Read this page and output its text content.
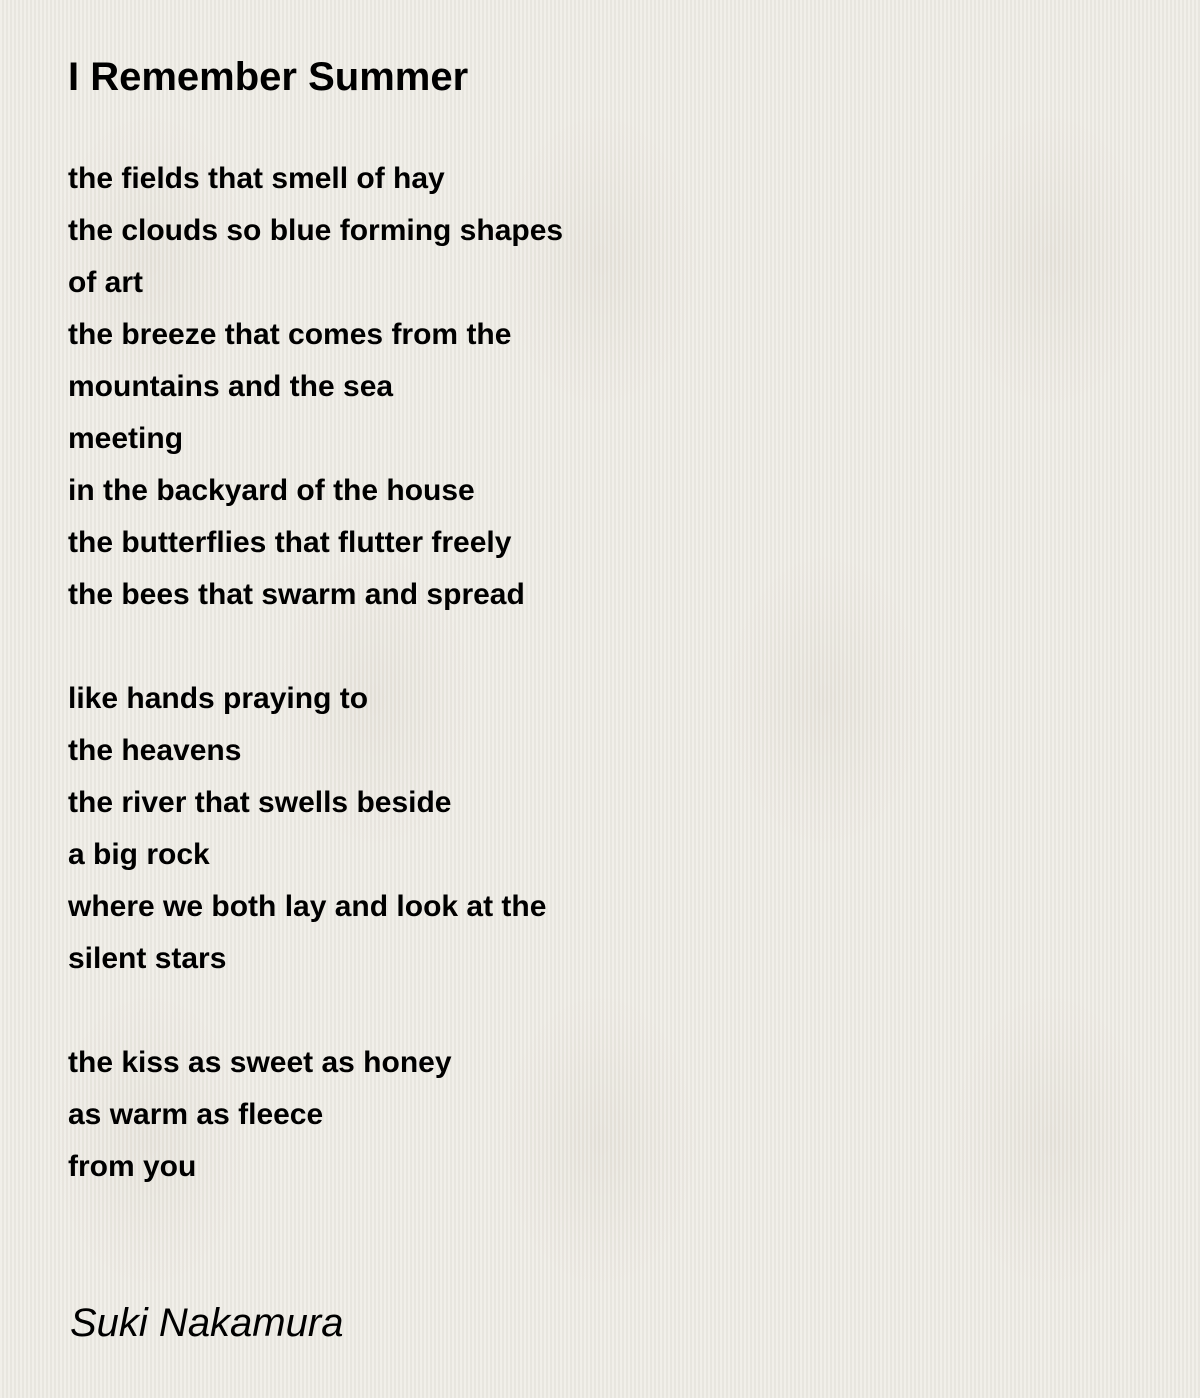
I Remember Summer
the fields that smell of hay
the clouds so blue forming shapes
of art
the breeze that comes from the
mountains and the sea
meeting
in the backyard of the house
the butterflies that flutter freely
the bees that swarm and spread
like hands praying to
the heavens
the river that swells beside
a big rock
where we both lay and look at the
silent stars
the kiss as sweet as honey
as warm as fleece
from you
Suki Nakamura
